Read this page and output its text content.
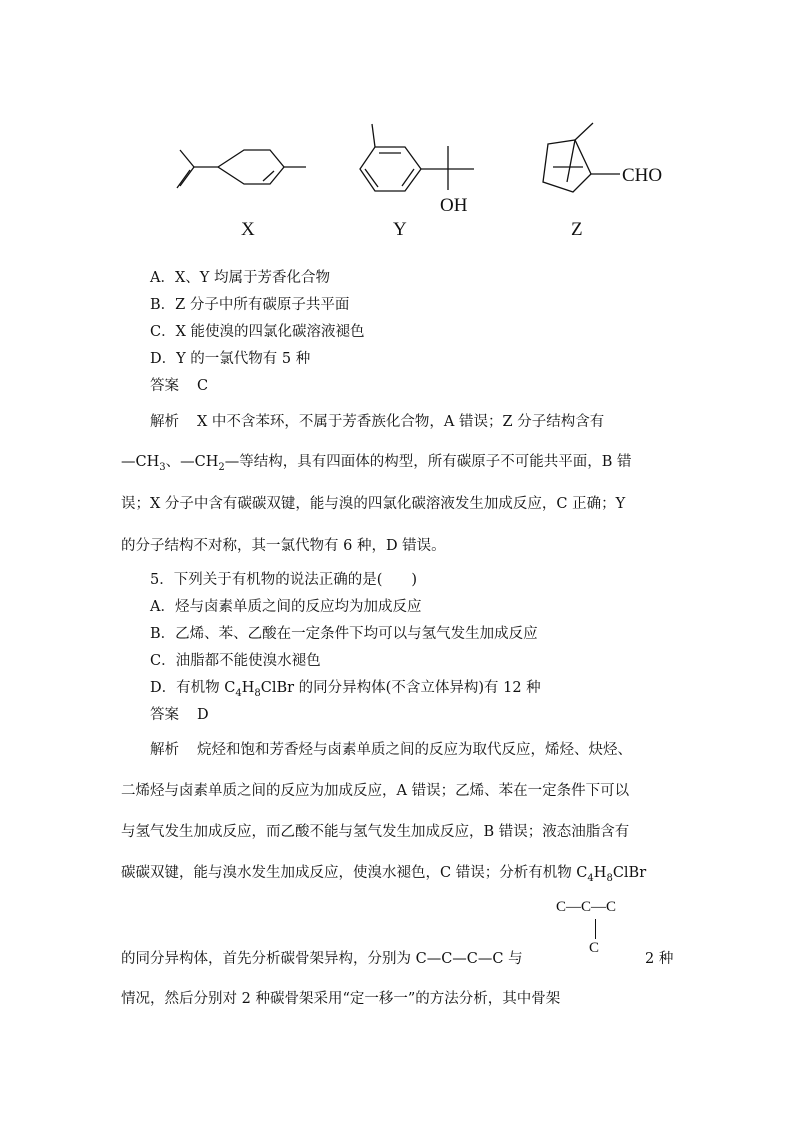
OH
CHO
X	Y	Z
A．X、Y 均属于芳香化合物
B．Z 分子中所有碳原子共平面
C．X 能使溴的四氯化碳溶液褪色
D．Y 的一氯代物有 5 种
答案 C
解析 X 中不含苯环，不属于芳香族化合物，A 错误；Z 分子结构含有
$—CH_3$、$—CH_2—$等结构，具有四面体的构型，所有碳原子不可能共平面，B 错
误；X 分子中含有碳碳双键，能与溴的四氯化碳溶液发生加成反应，C 正确；Y
的分子结构不对称，其一氯代物有 6 种，D 错误。
5．下列关于有机物的说法正确的是(　　)
A．烃与卤素单质之间的反应均为加成反应
B．乙烯、苯、乙酸在一定条件下均可以与氢气发生加成反应
C．油脂都不能使溴水褪色
D．有机物 $C_4H_8ClBr$ 的同分异构体(不含立体异构)有 12 种
答案 D
解析 烷烃和饱和芳香烃与卤素单质之间的反应为取代反应，烯烃、炔烃、
二烯烃与卤素单质之间的反应为加成反应，A 错误；乙烯、苯在一定条件下可以
与氢气发生加成反应，而乙酸不能与氢气发生加成反应，B 错误；液态油脂含有
碳碳双键，能与溴水发生加成反应，使溴水褪色，C 错误；分析有机物 $C_4H_8ClBr$
C—C—C
C
的同分异构体，首先分析碳骨架异构，分别为 C—C—C—C 与	2 种
情况，然后分别对 2 种碳骨架采用“定一移一”的方法分析，其中骨架
